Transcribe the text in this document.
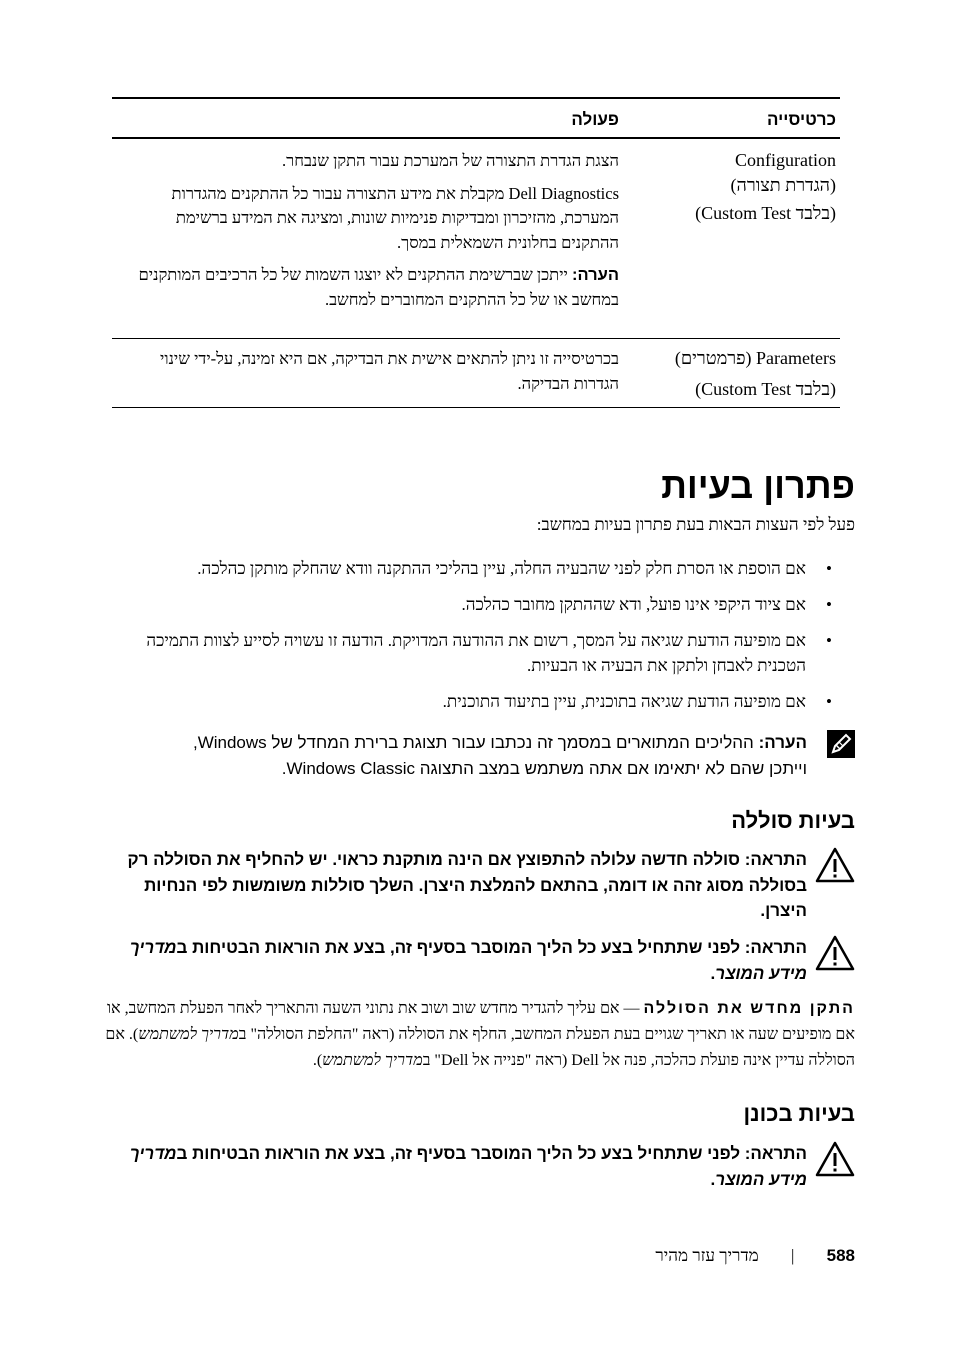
כרטיסייה
פעולה
Configuration
(הגדרת תצורה)
(בלבד Custom Test)

הצגת הגדרת התצורה של המערכת עבור התקן שנבחר.

Dell Diagnostics מקבלת את מידע התצורה עבור כל ההתקנים מהגדרות המערכת, מהזיכרון ומבדיקות פנימיות שונות, ומציגה את המידע ברשימת ההתקנים בחלונית השמאלית במסך.

הערה: ייתכן שברשימת ההתקנים לא יוצגו השמות של כל הרכיבים המותקנים במחשב או של כל ההתקנים המחוברים למחשב.

Parameters (פרמטרים)
(בלבד Custom Test)

בכרטיסייה זו ניתן להתאים אישית את הבדיקה, אם היא זמינה, על-ידי שינוי הגדרות הבדיקה.

פתרון בעיות
פעל לפי העצות הבאות בעת פתרון בעיות במחשב:
• אם הוספת או הסרת חלק לפני שהבעיה החלה, עיין בהליכי ההתקנה וודא שהחלק מותקן כהלכה.
• אם ציוד היקפי אינו פועל, ודא שההתקן מחובר כהלכה.
• אם מופיעה הודעת שגיאה על המסך, רשום את ההודעה המדויקת. הודעה זו עשויה לסייע לצוות התמיכה הטכנית לאבחן ולתקן את הבעיה או הבעיות.
• אם מופיעה הודעת שגיאה בתוכנית, עיין בתיעוד התוכנית.
הערה: ההליכים המתוארים במסמך זה נכתבו עבור תצוגת ברירת המחדל של Windows,
וייתכן שהם לא יתאימו אם אתה משתמש במצב התצוגה Windows Classic.
בעיות סוללה
התראה: סוללה חדשה עלולה להתפוצץ אם הינה מותקנת כראוי. יש להחליף את הסוללה רק בסוללה מסוג זהה או דומה, בהתאם להמלצת היצרן. השלך סוללות משומשות לפי הנחיות היצרן.
התראה: לפני שתתחיל בצע כל הליך המוסבר בסעיף זה, בצע את הוראות הבטיחות במדריך מידע המוצר.
התקן מחדש את הסוללה — אם עליך להגדיר מחדש שוב ושוב את נתוני השעה והתאריך לאחר הפעלת המחשב, או אם מופיעים שעה או תאריך שגויים בעת הפעלת המחשב, החלף את הסוללה (ראה "החלפת הסוללה" במדריך למשתמש). אם הסוללה עדיין אינה פועלת כהלכה, פנה אל Dell (ראה "פנייה אל Dell" במדריך למשתמש).
בעיות בכונן
התראה: לפני שתתחיל בצע כל הליך המוסבר בסעיף זה, בצע את הוראות הבטיחות במדריך מידע המוצר.
588 | מדריך עזר מהיר
